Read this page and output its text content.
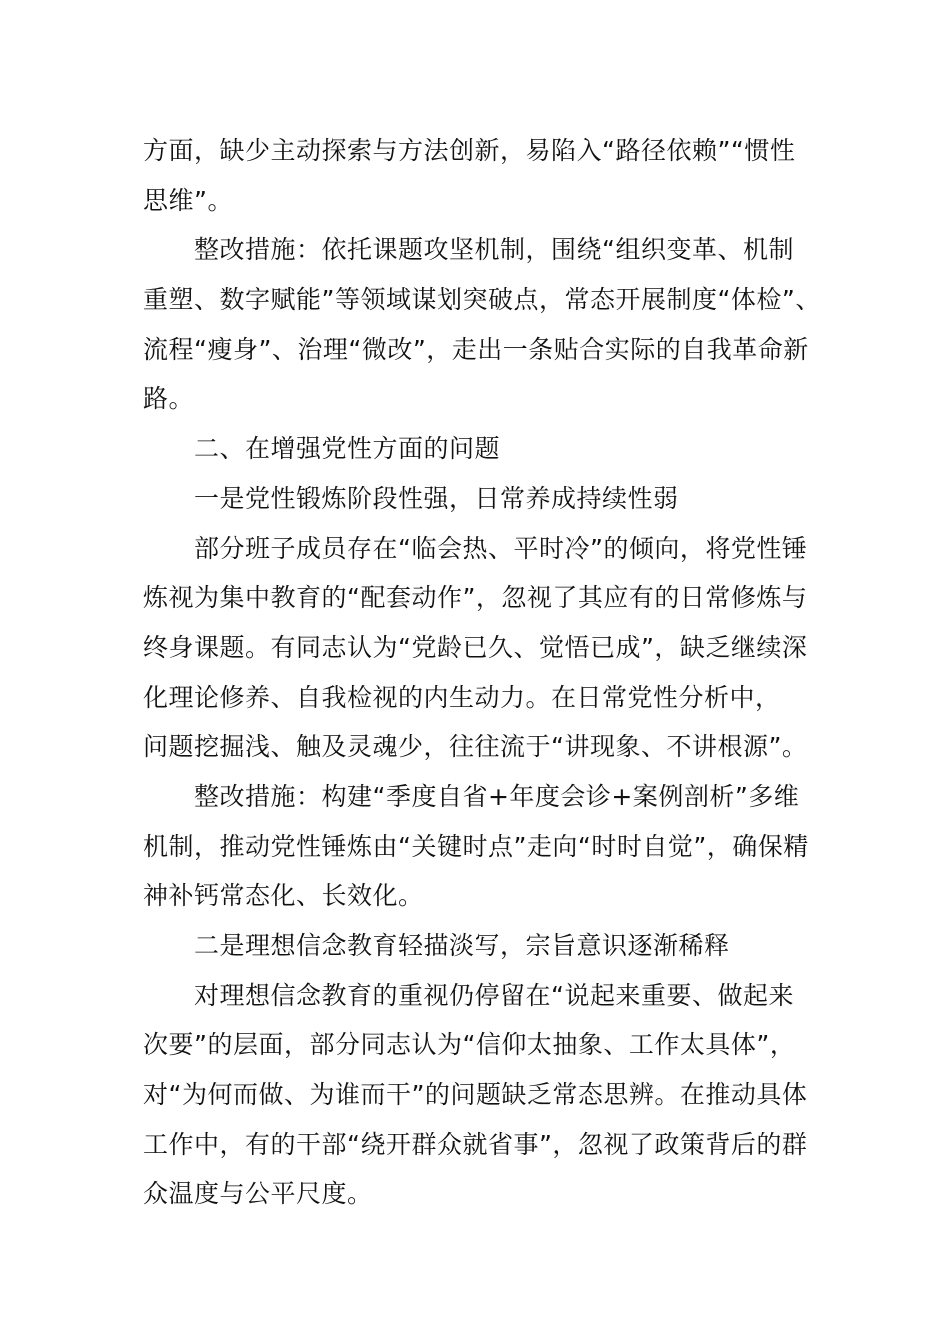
方面，缺少主动探索与方法创新，易陷入“路径依赖”“惯性
思维”。
整改措施：依托课题攻坚机制，围绕“组织变革、机制
重塑、数字赋能”等领域谋划突破点，常态开展制度“体检”、
流程“瘦身”、治理“微改”，走出一条贴合实际的自我革命新
路。
二、在增强党性方面的问题
一是党性锻炼阶段性强，日常养成持续性弱
部分班子成员存在“临会热、平时冷”的倾向，将党性锤
炼视为集中教育的“配套动作”，忽视了其应有的日常修炼与
终身课题。有同志认为“党龄已久、觉悟已成”，缺乏继续深
化理论修养、自我检视的内生动力。在日常党性分析中，
问题挖掘浅、触及灵魂少，往往流于“讲现象、不讲根源”。
整改措施：构建“季度自省+年度会诊+案例剖析”多维
机制，推动党性锤炼由“关键时点”走向“时时自觉”，确保精
神补钙常态化、长效化。
二是理想信念教育轻描淡写，宗旨意识逐渐稀释
对理想信念教育的重视仍停留在“说起来重要、做起来
次要”的层面，部分同志认为“信仰太抽象、工作太具体”，
对“为何而做、为谁而干”的问题缺乏常态思辨。在推动具体
工作中，有的干部“绕开群众就省事”，忽视了政策背后的群
众温度与公平尺度。
